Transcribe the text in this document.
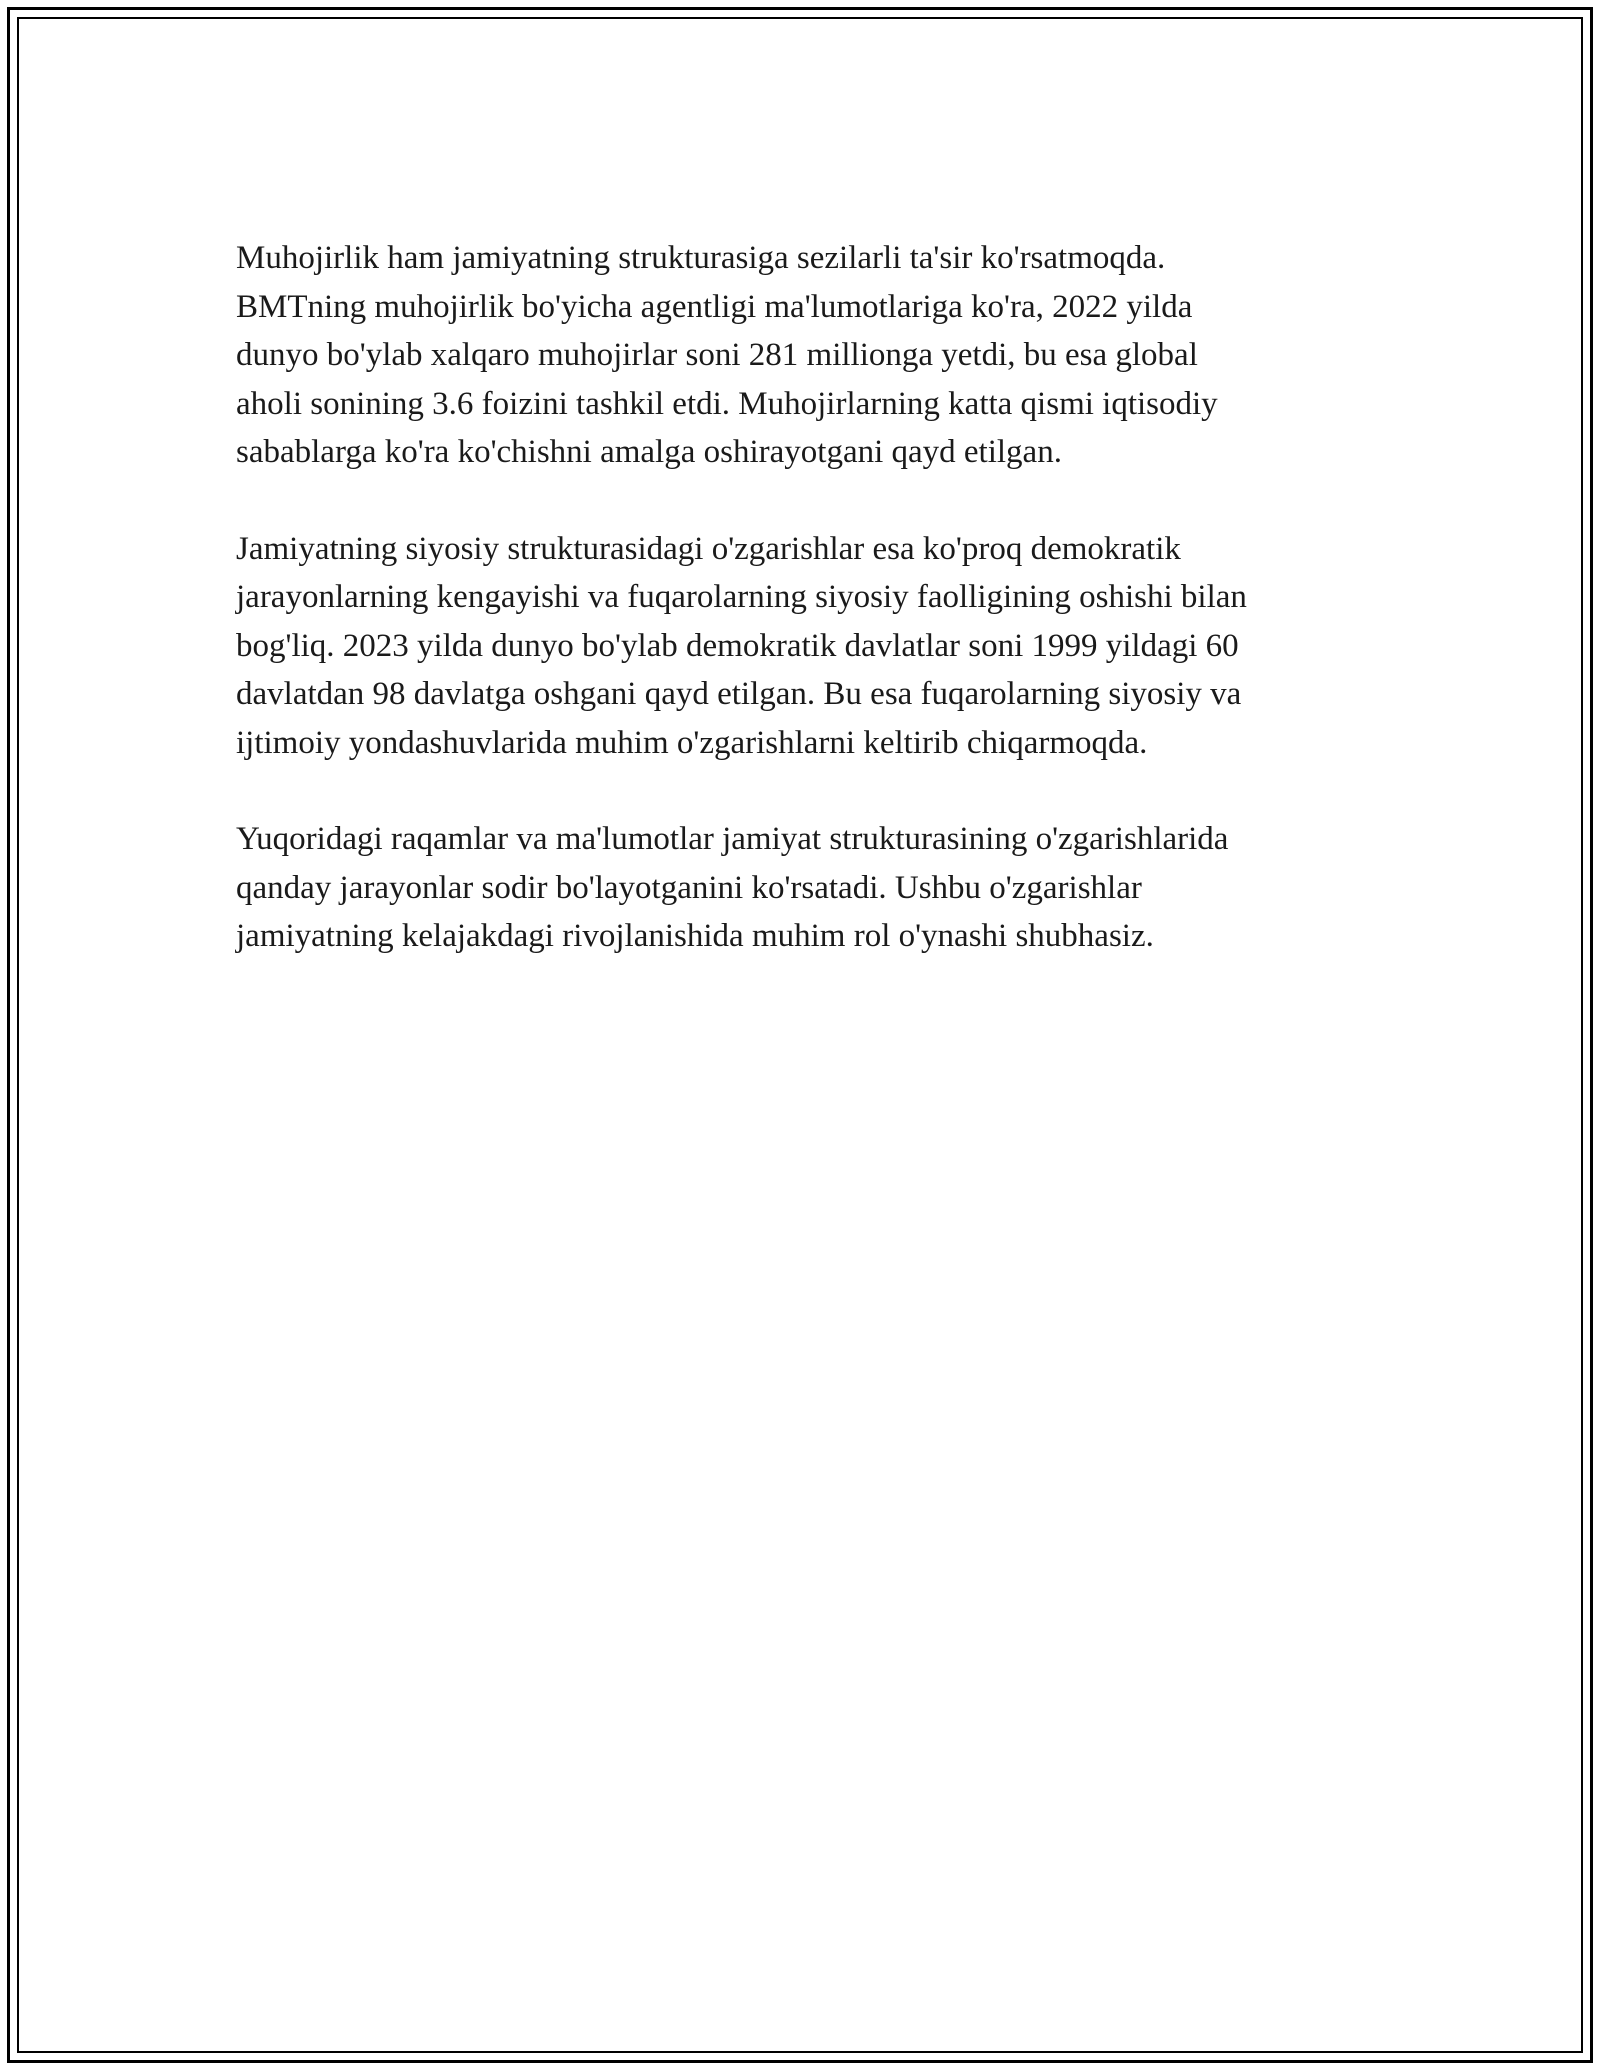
Muhojirlik ham jamiyatning strukturasiga sezilarli ta'sir ko'rsatmoqda.
BMTning muhojirlik bo'yicha agentligi ma'lumotlariga ko'ra, 2022 yilda
dunyo bo'ylab xalqaro muhojirlar soni 281 millionga yetdi, bu esa global
aholi sonining 3.6 foizini tashkil etdi. Muhojirlarning katta qismi iqtisodiy
sabablarga ko'ra ko'chishni amalga oshirayotgani qayd etilgan.

Jamiyatning siyosiy strukturasidagi o'zgarishlar esa ko'proq demokratik
jarayonlarning kengayishi va fuqarolarning siyosiy faolligining oshishi bilan
bog'liq. 2023 yilda dunyo bo'ylab demokratik davlatlar soni 1999 yildagi 60
davlatdan 98 davlatga oshgani qayd etilgan. Bu esa fuqarolarning siyosiy va
ijtimoiy yondashuvlarida muhim o'zgarishlarni keltirib chiqarmoqda.

Yuqoridagi raqamlar va ma'lumotlar jamiyat strukturasining o'zgarishlarida
qanday jarayonlar sodir bo'layotganini ko'rsatadi. Ushbu o'zgarishlar
jamiyatning kelajakdagi rivojlanishida muhim rol o'ynashi shubhasiz.
